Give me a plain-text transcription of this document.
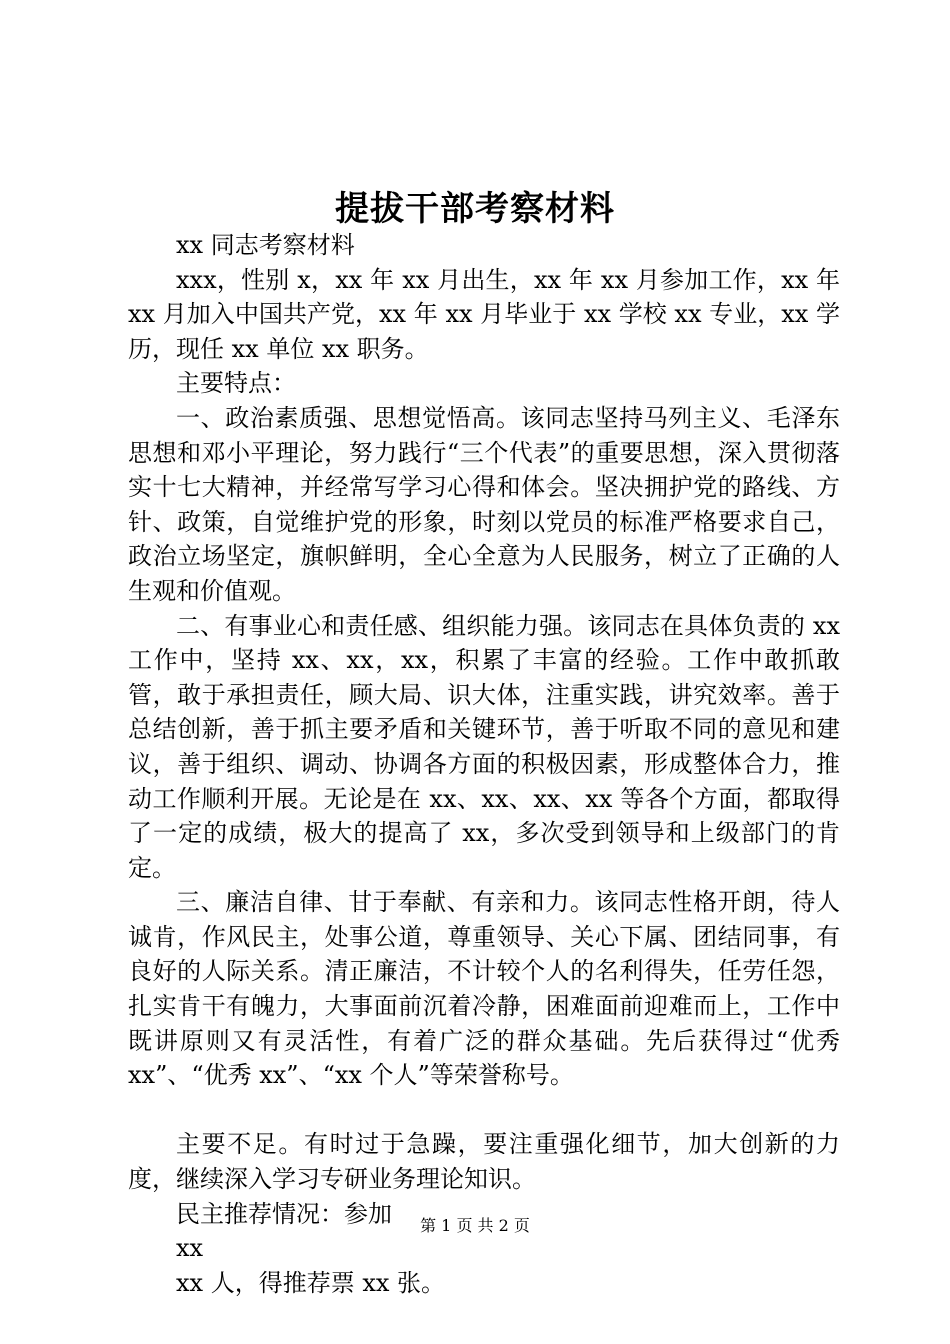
提拔干部考察材料

xx 同志考察材料

xxx，性别 x，xx 年 xx 月出生，xx 年 xx 月参加工作，xx 年 xx 月加入中国共产党，xx 年 xx 月毕业于 xx 学校 xx 专业，xx 学历，现任 xx 单位 xx 职务。

主要特点：

一、政治素质强、思想觉悟高。该同志坚持马列主义、毛泽东思想和邓小平理论，努力践行“三个代表”的重要思想，深入贯彻落实十七大精神，并经常写学习心得和体会。坚决拥护党的路线、方针、政策，自觉维护党的形象，时刻以党员的标准严格要求自己，政治立场坚定，旗帜鲜明，全心全意为人民服务，树立了正确的人生观和价值观。

二、有事业心和责任感、组织能力强。该同志在具体负责的 xx 工作中，坚持 xx、xx，xx，积累了丰富的经验。工作中敢抓敢管，敢于承担责任，顾大局、识大体，注重实践，讲究效率。善于总结创新，善于抓主要矛盾和关键环节，善于听取不同的意见和建议，善于组织、调动、协调各方面的积极因素，形成整体合力，推动工作顺利开展。无论是在 xx、xx、xx、xx 等各个方面，都取得了一定的成绩，极大的提高了 xx，多次受到领导和上级部门的肯定。

三、廉洁自律、甘于奉献、有亲和力。该同志性格开朗，待人诚肯，作风民主，处事公道，尊重领导、关心下属、团结同事，有良好的人际关系。清正廉洁，不计较个人的名利得失，任劳任怨，扎实肯干有魄力，大事面前沉着冷静，困难面前迎难而上，工作中既讲原则又有灵活性，有着广泛的群众基础。先后获得过“优秀 xx”、“优秀 xx”、“xx 个人”等荣誉称号。

主要不足。有时过于急躁，要注重强化细节，加大创新的力度，继续深入学习专研业务理论知识。

民主推荐情况：参加

xx

xx 人，得推荐票 xx 张。

第 1 页 共 2 页
